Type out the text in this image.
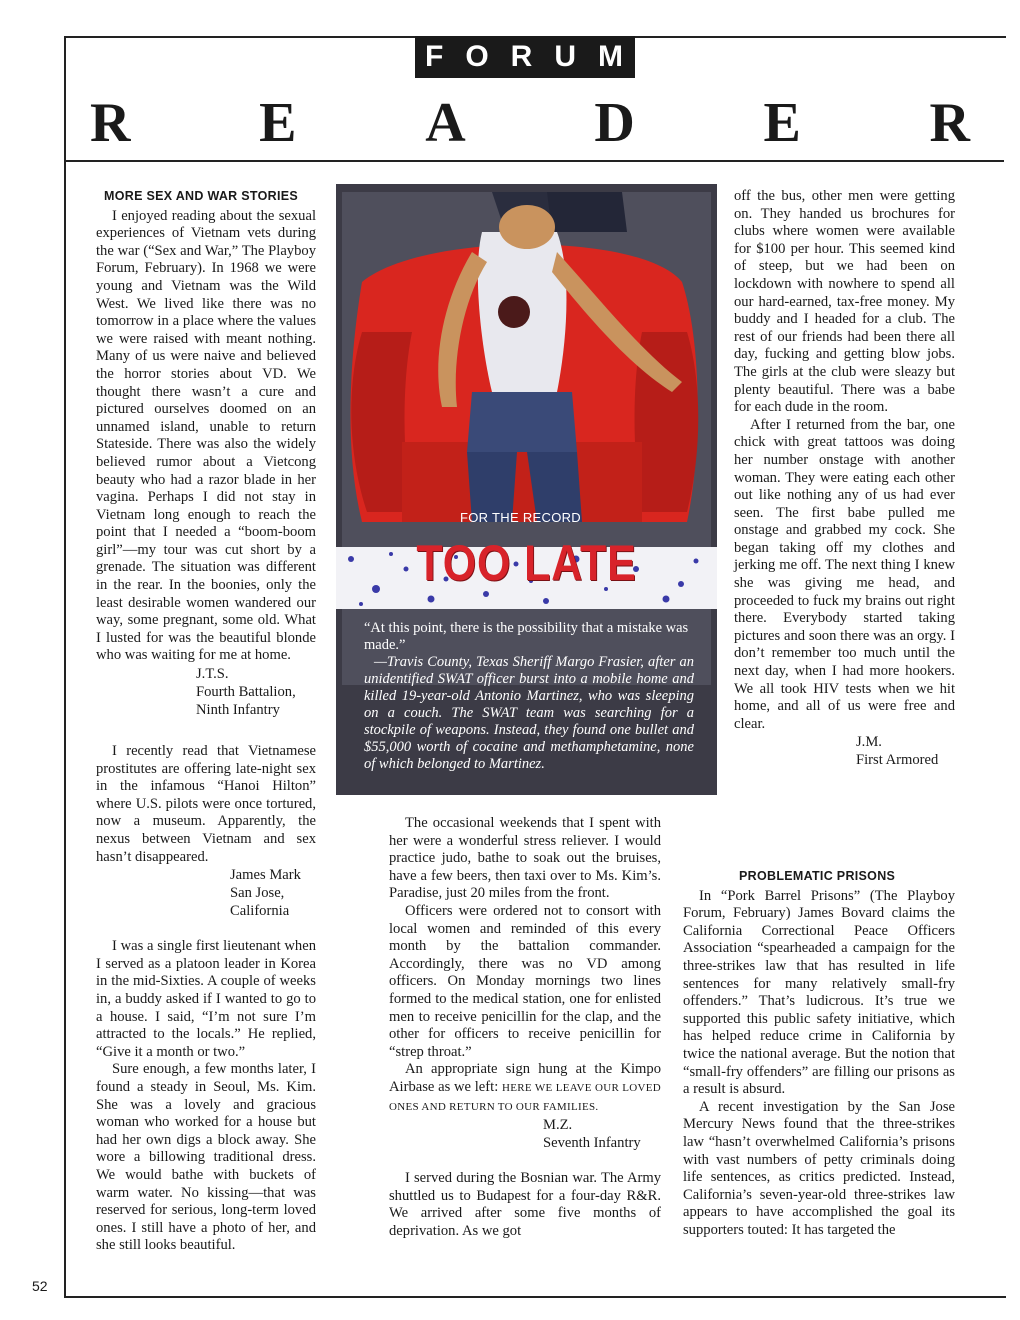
FORUM
R E A D E R
MORE SEX AND WAR STORIES

I enjoyed reading about the sexual experiences of Vietnam vets during the war (“Sex and War,” The Playboy Forum, February). In 1968 we were young and Vietnam was the Wild West. We lived like there was no tomorrow in a place where the values we were raised with meant nothing. Many of us were naive and believed the horror stories about VD. We thought there wasn’t a cure and pictured ourselves doomed on an unnamed island, unable to return Stateside. There was also the widely believed rumor about a Vietcong beauty who had a razor blade in her vagina. Perhaps I did not stay in Vietnam long enough to reach the point that I needed a “boom-boom girl”—my tour was cut short by a grenade. The situation was different in the rear. In the boonies, only the least desirable women wandered our way, some pregnant, some old. What I lusted for was the beautiful blonde who was waiting for me at home.

J.T.S.
Fourth Battalion,
Ninth Infantry

I recently read that Vietnamese prostitutes are offering late-night sex in the infamous “Hanoi Hilton” where U.S. pilots were once tortured, now a museum. Apparently, the nexus between Vietnam and sex hasn’t disappeared.

James Mark
San Jose, California

I was a single first lieutenant when I served as a platoon leader in Korea in the mid-Sixties. A couple of weeks in, a buddy asked if I wanted to go to a house. I said, “I’m not sure I’m attracted to the locals.” He replied, “Give it a month or two.”

Sure enough, a few months later, I found a steady in Seoul, Ms. Kim. She was a lovely and gracious woman who worked for a house but had her own digs a block away. She wore a billowing traditional dress. We would bathe with buckets of warm water. No kissing—that was reserved for serious, long-term loved ones. I still have a photo of her, and she still looks beautiful.

FOR THE RECORD
TOO LATE

“At this point, there is the possibility that a mistake was made.”

—Travis County, Texas Sheriff Margo Frasier, after an unidentified SWAT officer burst into a mobile home and killed 19-year-old Antonio Martinez, who was sleeping on a couch. The SWAT team was searching for a stockpile of weapons. Instead, they found one bullet and $55,000 worth of cocaine and methamphetamine, none of which belonged to Martinez.

The occasional weekends that I spent with her were a wonderful stress reliever. I would practice judo, bathe to soak out the bruises, have a few beers, then taxi over to Ms. Kim’s. Paradise, just 20 miles from the front.

Officers were ordered not to consort with local women and reminded of this every month by the battalion commander. Accordingly, there was no VD among officers. On Monday mornings two lines formed to the medical station, one for enlisted men to receive penicillin for the clap, and the other for officers to receive penicillin for “strep throat.”

An appropriate sign hung at the Kimpo Airbase as we left: HERE WE LEAVE OUR LOVED ONES AND RETURN TO OUR FAMILIES.

M.Z.
Seventh Infantry

I served during the Bosnian war. The Army shuttled us to Budapest for a four-day R&R. We arrived after some five months of deprivation. As we got

off the bus, other men were getting on. They handed us brochures for clubs where women were available for $100 per hour. This seemed kind of steep, but we had been on lockdown with nowhere to spend all our hard-earned, tax-free money. My buddy and I headed for a club. The rest of our friends had been there all day, fucking and getting blow jobs. The girls at the club were sleazy but plenty beautiful. There was a babe for each dude in the room.

After I returned from the bar, one chick with great tattoos was doing her number onstage with another woman. They were eating each other out like nothing any of us had ever seen. The first babe pulled me onstage and grabbed my cock. She began taking off my clothes and jerking me off. The next thing I knew she was giving me head, and proceeded to fuck my brains out right there. Everybody started taking pictures and soon there was an orgy. I don’t remember too much until the next day, when I had more hookers. We all took HIV tests when we hit home, and all of us were free and clear.

J.M.
First Armored
PROBLEMATIC PRISONS

In “Pork Barrel Prisons” (The Playboy Forum, February) James Bovard claims the California Correctional Peace Officers Association “spearheaded a campaign for the three-strikes law that has resulted in life sentences for many relatively small-fry offenders.” That’s ludicrous. It’s true we supported this public safety initiative, which has helped reduce crime in California by twice the national average. But the notion that “small-fry offenders” are filling our prisons as a result is absurd.

A recent investigation by the San Jose Mercury News found that the three-strikes law “hasn’t overwhelmed California’s prisons with vast numbers of petty criminals doing life sentences, as critics predicted. Instead, California’s seven-year-old three-strikes law appears to have accomplished the goal its supporters touted: It has targeted the

52
